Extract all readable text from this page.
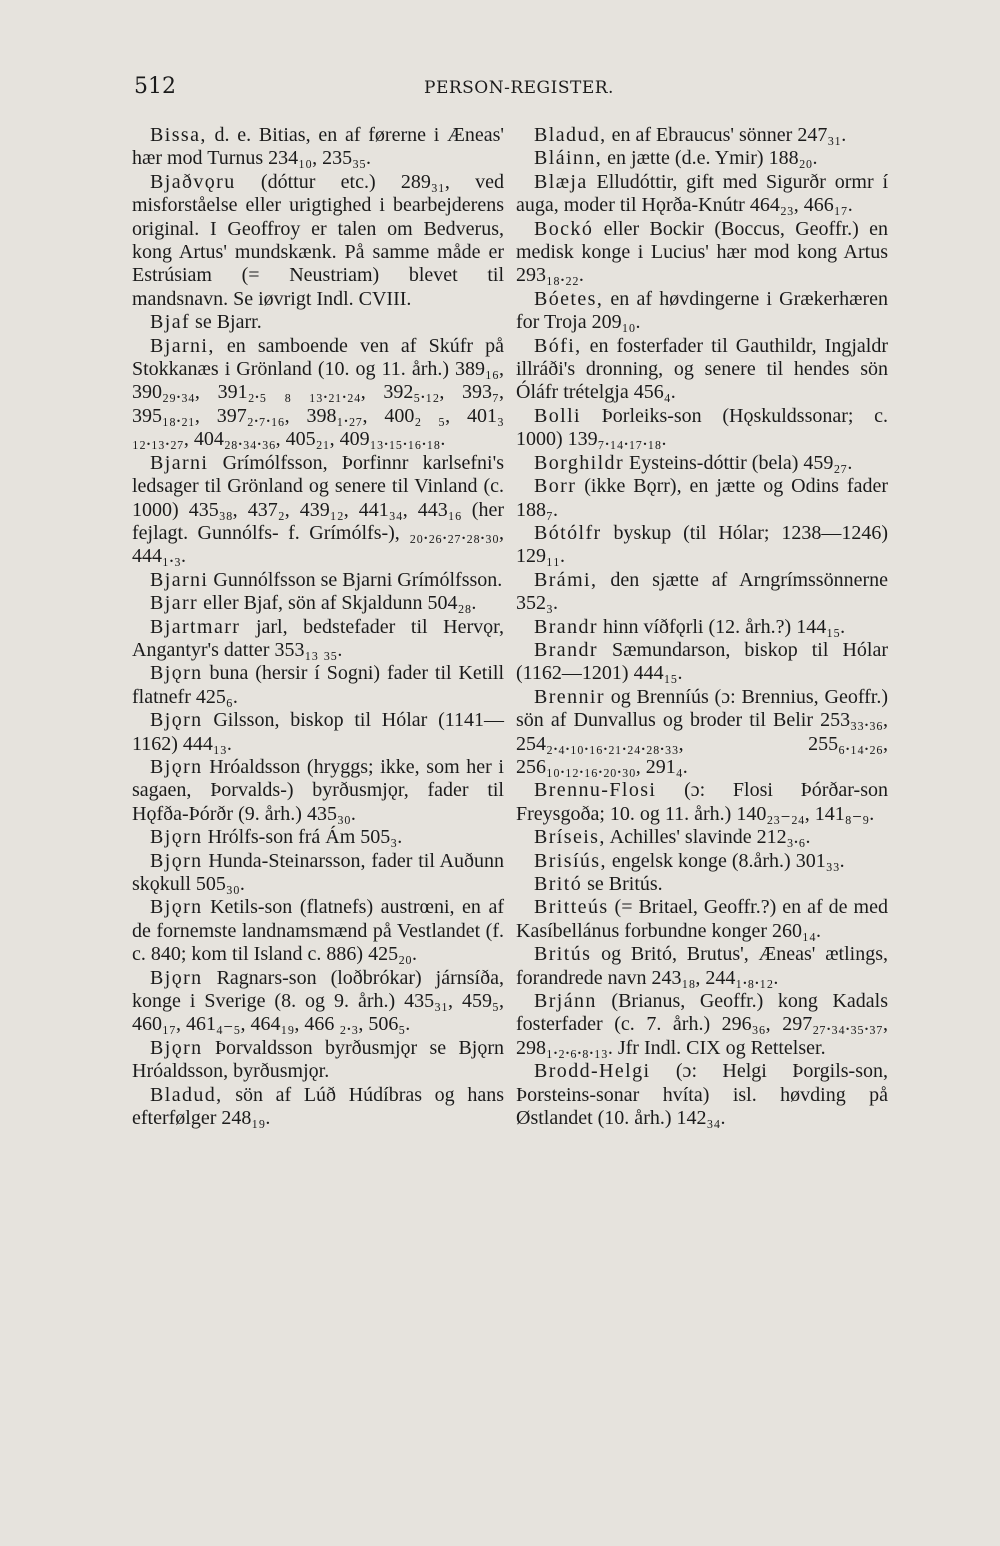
512	PERSON-REGISTER.

Bissa, d. e. Bitias, en af førerne i Æneas' hær mod Turnus 234₁₀, 235₃₅.

Bjaðvǫru (dóttur etc.) 289₃₁, ved misforståelse eller urigtighed i bearbejderens original. I Geoffroy er talen om Bedverus, kong Artus' mundskænk. På samme måde er Estrúsiam (= Neustriam) blevet til mandsnavn. Se iøvrigt Indl. CVIII.

Bjaf se Bjarr.

Bjarni, en samboende ven af Skúfr på Stokkanæs i Grönland (10. og 11. årh.) 389₁₆, 390₂₉.₃₄, 391₂.₅ ₈ ₁₃.₂₁.₂₄, 392₅.₁₂, 393₇, 395₁₈.₂₁, 397₂.₇.₁₆, 398₁.₂₇, 400₂ ₅, 401₃ ₁₂.₁₃.₂₇, 404₂₈.₃₄.₃₆, 405₂₁, 409₁₃.₁₅.₁₆.₁₈.

Bjarni Grímólfsson, Þorfinnr karlsefni's ledsager til Grönland og senere til Vinland (c. 1000) 435₃₈, 437₂, 439₁₂, 441₃₄, 443₁₆ (her fejlagt. Gunnólfs- f. Grímólfs-), ₂₀.₂₆.₂₇.₂₈.₃₀, 444₁.₃.

Bjarni Gunnólfsson se Bjarni Grímólfsson.

Bjarr eller Bjaf, sön af Skjaldunn 504₂₈.

Bjartmarr jarl, bedstefader til Hervǫr, Angantyr's datter 353₁₃ ₃₅.

Bjǫrn buna (hersir í Sogni) fader til Ketill flatnefr 425₆.

Bjǫrn Gilsson, biskop til Hólar (1141—1162) 444₁₃.

Bjǫrn Hróaldsson (hryggs; ikke, som her i sagaen, Þorvalds-) byrðusmjǫr, fader til Hǫfða-Þórðr (9. årh.) 435₃₀.

Bjǫrn Hrólfs-son frá Ám 505₃.

Bjǫrn Hunda-Steinarsson, fader til Auðunn skǫkull 505₃₀.

Bjǫrn Ketils-son (flatnefs) austrœni, en af de fornemste landnamsmænd på Vestlandet (f. c. 840; kom til Island c. 886) 425₂₀.

Bjǫrn Ragnars-son (loðbrókar) járnsíða, konge i Sverige (8. og 9. årh.) 435₃₁, 459₅, 460₁₇, 461₄₋₅, 464₁₉, 466 ₂.₃, 506₅.

Bjǫrn Þorvaldsson byrðusmjǫr se Bjǫrn Hróaldsson, byrðusmjǫr.

Bladud, sön af Lúð Húdíbras og hans efterfølger 248₁₉.

Bladud, en af Ebraucus' sönner 247₃₁.

Bláinn, en jætte (d.e. Ymir) 188₂₀.

Blæja Elludóttir, gift med Sigurðr ormr í auga, moder til Hǫrða-Knútr 464₂₃, 466₁₇.

Bockó eller Bockir (Boccus, Geoffr.) en medisk konge i Lucius' hær mod kong Artus 293₁₈.₂₂.

Bóetes, en af høvdingerne i Grækerhæren for Troja 209₁₀.

Bófi, en fosterfader til Gauthildr, Ingjaldr illráði's dronning, og senere til hendes sön Óláfr trételgja 456₄.

Bolli Þorleiks-son (Hǫskuldssonar; c. 1000) 139₇.₁₄.₁₇.₁₈.

Borghildr Eysteins-dóttir (bela) 459₂₇.

Borr (ikke Bǫrr), en jætte og Odins fader 188₇.

Bótólfr byskup (til Hólar; 1238—1246) 129₁₁.

Brámi, den sjætte af Arngrímssönnerne 352₃.

Brandr hinn víðfǫrli (12. årh.?) 144₁₅.

Brandr Sæmundarson, biskop til Hólar (1162—1201) 444₁₅.

Brennir og Brenníús (ɔ: Brennius, Geoffr.) sön af Dunvallus og broder til Belir 253₃₃.₃₆, 254₂.₄.₁₀.₁₆.₂₁.₂₄.₂₈.₃₃, 255₆.₁₄.₂₆, 256₁₀.₁₂.₁₆.₂₀.₃₀, 291₄.

Brennu-Flosi (ɔ: Flosi Þórðar-son Freysgoða; 10. og 11. årh.) 140₂₃₋₂₄, 141₈₋₉.

Bríseis, Achilles' slavinde 212₃.₆.

Brisíús, engelsk konge (8.årh.) 301₃₃.

Britó se Britús.

Britteús (= Britael, Geoffr.?) en af de med Kasíbellánus forbundne konger 260₁₄.

Britús og Britó, Brutus', Æneas' ætlings, forandrede navn 243₁₈, 244₁.₈.₁₂.

Brjánn (Brianus, Geoffr.) kong Kadals fosterfader (c. 7. årh.) 296₃₆, 297₂₇.₃₄.₃₅.₃₇, 298₁.₂.₆.₈.₁₃. Jfr Indl. CIX og Rettelser.

Brodd-Helgi (ɔ: Helgi Þorgils-son, Þorsteins-sonar hvíta) isl. høvding på Østlandet (10. årh.) 142₃₄.
